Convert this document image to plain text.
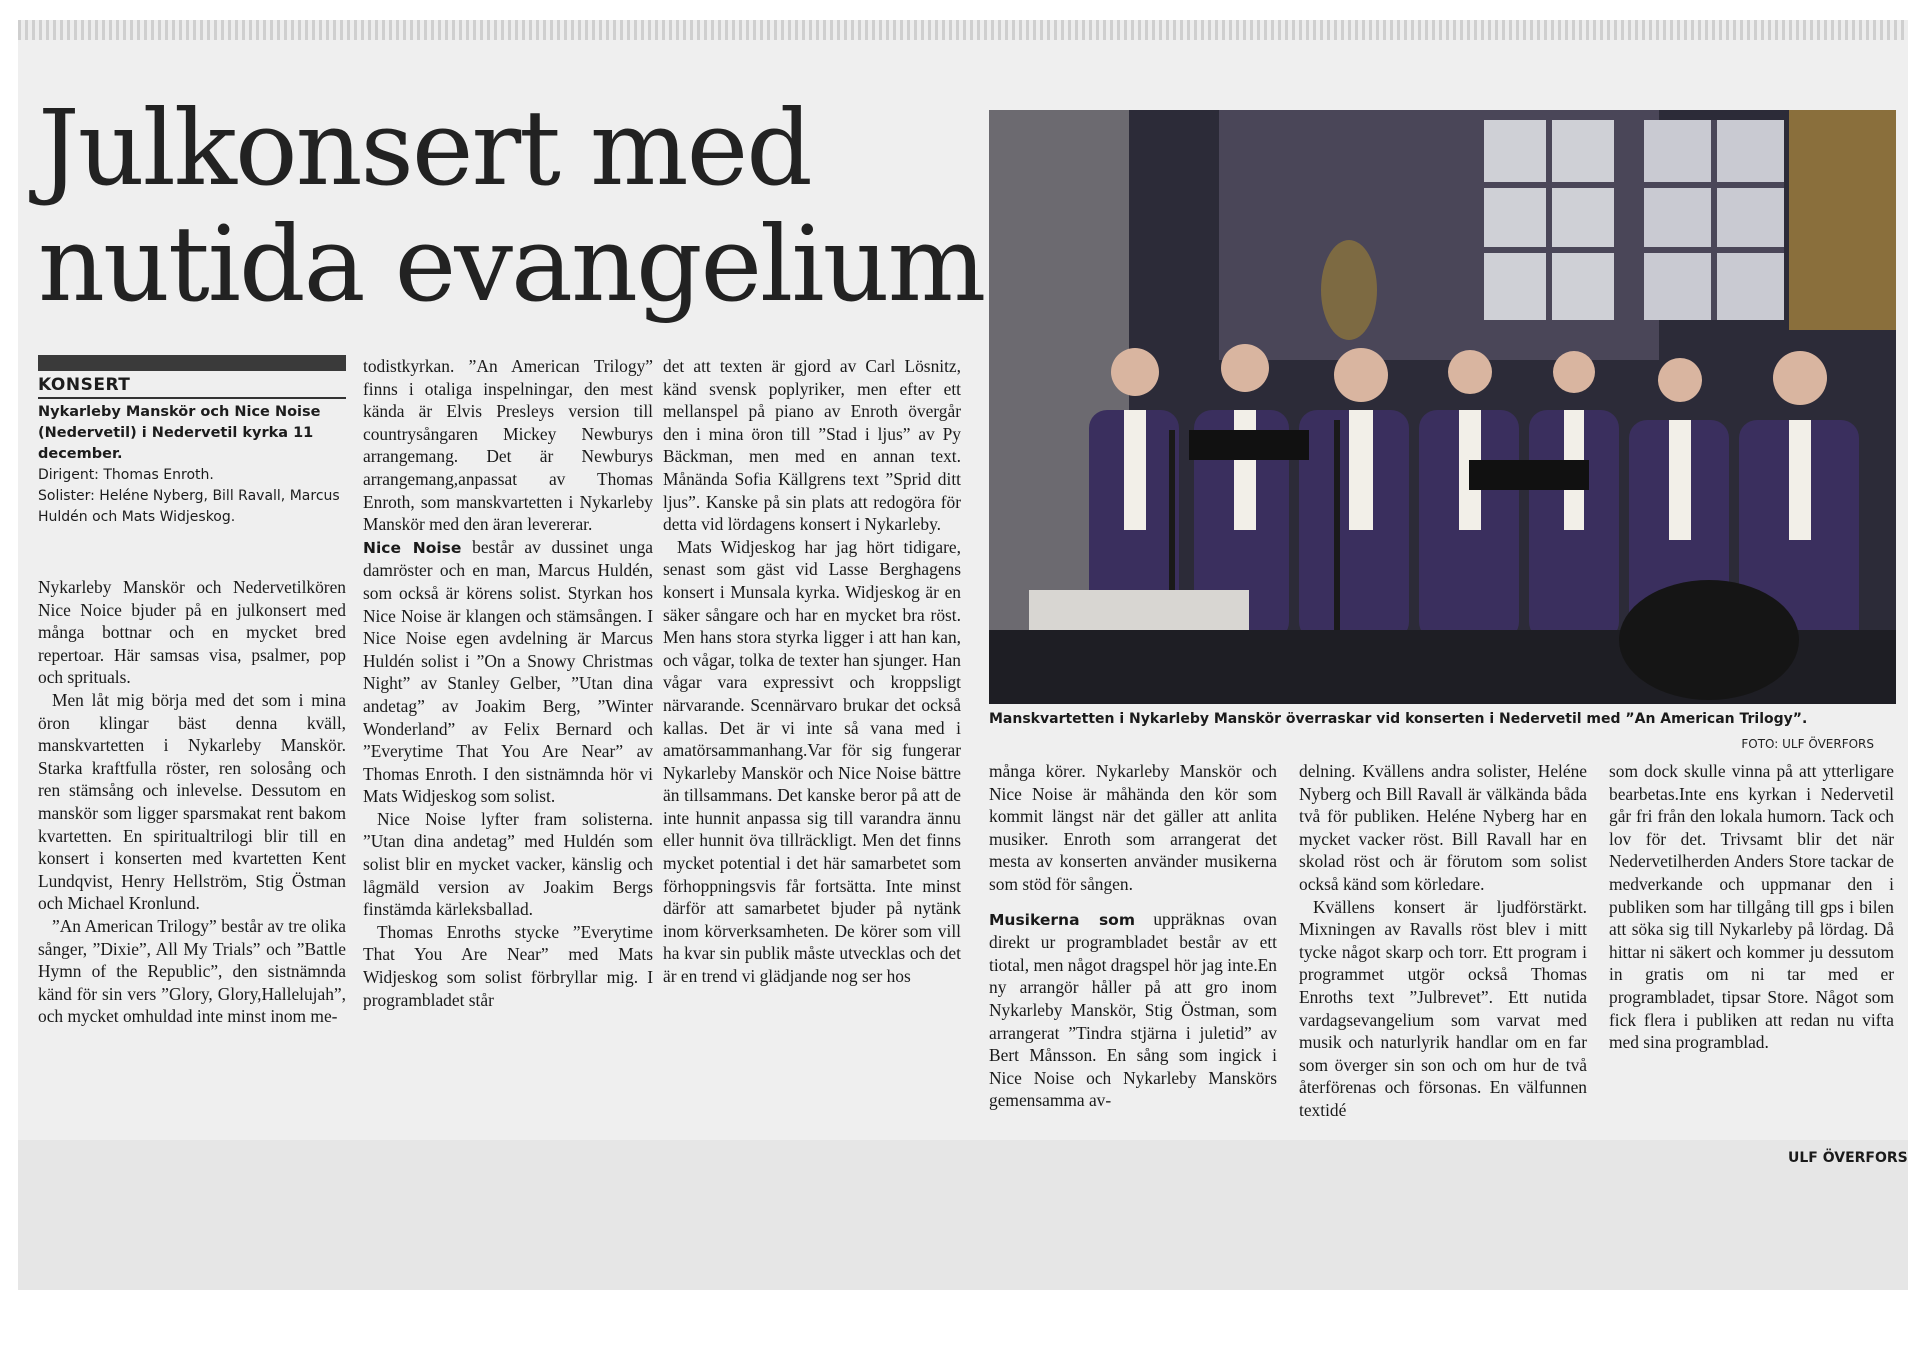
Julkonsert med nutida evangelium
KONSERT
Nykarleby Manskör och Nice Noise (Nedervetil) i Nedervetil kyrka 11 december.
Dirigent: Thomas Enroth.
Solister: Heléne Nyberg, Bill Ravall, Marcus Huldén och Mats Widjeskog.

Nykarleby Manskör och Nedervetilkören Nice Noice bjuder på en julkonsert med många bottnar och en mycket bred repertoar. Här samsas visa, psalmer, pop och sprituals.

Men låt mig börja med det som i mina öron klingar bäst denna kväll, manskvartetten i Nykarleby Manskör. Starka kraftfulla röster, ren solosång och ren stämsång och inlevelse. Dessutom en manskör som ligger sparsmakat rent bakom kvartetten. En spiritualtrilogi blir till en konsert i konserten med kvartetten Kent Lundqvist, Henry Hellström, Stig Östman och Michael Kronlund.

”An American Trilogy” består av tre olika sånger, ”Dixie”, All My Trials” och ”Battle Hymn of the Republic”, den sistnämnda känd för sin vers ”Glory, Glory,Hallelujah”, och mycket omhuldad inte minst inom me-

todistkyrkan. ”An American Trilogy” finns i otaliga inspelningar, den mest kända är Elvis Presleys version till countrysångaren Mickey Newburys arrangemang. Det är Newburys arrangemang,anpassat av Thomas Enroth, som manskvartetten i Nykarleby Manskör med den äran levererar.

Nice Noise består av dussinet unga damröster och en man, Marcus Huldén, som också är körens solist. Styrkan hos Nice Noise är klangen och stämsången. I Nice Noise egen avdelning är Marcus Huldén solist i ”On a Snowy Christmas Night” av Stanley Gelber, ”Utan dina andetag” av Joakim Berg, ”Winter Wonderland” av Felix Bernard och ”Everytime That You Are Near” av Thomas Enroth. I den sistnämnda hör vi Mats Widjeskog som solist.

Nice Noise lyfter fram solisterna. ”Utan dina andetag” med Huldén som solist blir en mycket vacker, känslig och lågmäld version av Joakim Bergs finstämda kärleksballad.

Thomas Enroths stycke ”Everytime That You Are Near” med Mats Widjeskog som solist förbryllar mig. I programbladet står

det att texten är gjord av Carl Lösnitz, känd svensk poplyriker, men efter ett mellanspel på piano av Enroth övergår den i mina öron till ”Stad i ljus” av Py Bäckman, men med en annan text. Månända Sofia Källgrens text ”Sprid ditt ljus”. Kanske på sin plats att redogöra för detta vid lördagens konsert i Nykarleby.

Mats Widjeskog har jag hört tidigare, senast som gäst vid Lasse Berghagens konsert i Munsala kyrka. Widjeskog är en säker sångare och har en mycket bra röst. Men hans stora styrka ligger i att han kan, och vågar, tolka de texter han sjunger. Han vågar vara expressivt och kroppsligt närvarande. Scennärvaro brukar det också kallas. Det är vi inte så vana med i amatörsammanhang.Var för sig fungerar Nykarleby Manskör och Nice Noise bättre än tillsammans. Det kanske beror på att de inte hunnit anpassa sig till varandra ännu eller hunnit öva tillräckligt. Men det finns mycket potential i det här samarbetet som förhoppningsvis får fortsätta. Inte minst därför att samarbetet bjuder på nytänk inom körverksamheten. De körer som vill ha kvar sin publik måste utvecklas och det är en trend vi glädjande nog ser hos

Manskvartetten i Nykarleby Manskör överraskar vid konserten i Nedervetil med ”An American Trilogy”.
FOTO: ULF ÖVERFORS

många körer. Nykarleby Manskör och Nice Noise är måhända den kör som kommit längst när det gäller att anlita musiker. Enroth som arrangerat det mesta av konserten använder musikerna som stöd för sången.

Musikerna som uppräknas ovan direkt ur programbladet består av ett tiotal, men något dragspel hör jag inte.En ny arrangör håller på att gro inom Nykarleby Manskör, Stig Östman, som arrangerat ”Tindra stjärna i juletid” av Bert Månsson. En sång som ingick i Nice Noise och Nykarleby Manskörs gemensamma av-

delning. Kvällens andra solister, Heléne Nyberg och Bill Ravall är välkända båda två för publiken. Heléne Nyberg har en mycket vacker röst. Bill Ravall har en skolad röst och är förutom som solist också känd som körledare.

Kvällens konsert är ljudförstärkt. Mixningen av Ravalls röst blev i mitt tycke något skarp och torr. Ett program i programmet utgör också Thomas Enroths text ”Julbrevet”. Ett nutida vardagsevangelium som varvat med musik och naturlyrik handlar om en far som överger sin son och om hur de två återförenas och försonas. En välfunnen textidé

som dock skulle vinna på att ytterligare bearbetas.Inte ens kyrkan i Nedervetil går fri från den lokala humorn. Tack och lov för det. Trivsamt blir det när Nedervetilherden Anders Store tackar de medverkande och uppmanar den i publiken som har tillgång till gps i bilen att söka sig till Nykarleby på lördag. Då hittar ni säkert och kommer ju dessutom in gratis om ni tar med er programbladet, tipsar Store. Något som fick flera i publiken att redan nu vifta med sina programblad.

ULF ÖVERFORS
